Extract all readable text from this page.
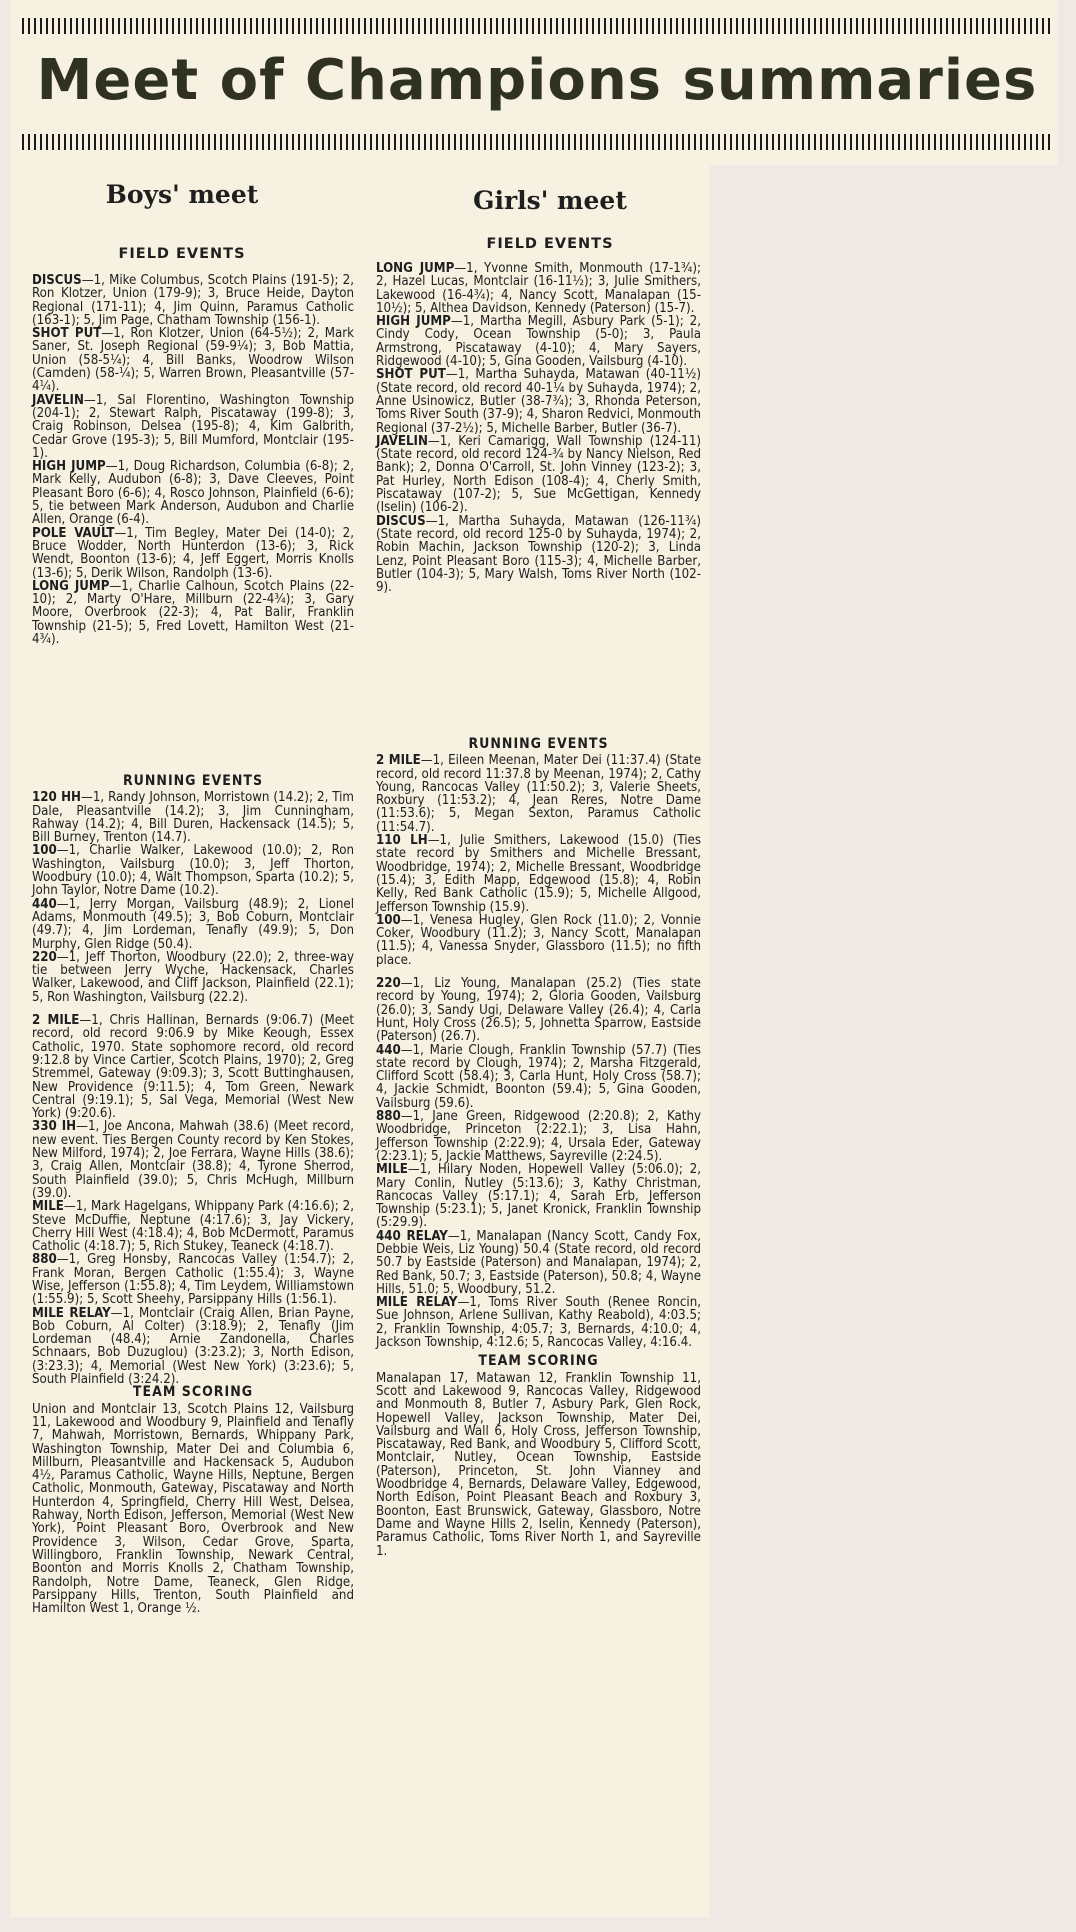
Meet of Champions summaries
Boys' meet
FIELD EVENTS

DISCUS—1, Mike Columbus, Scotch Plains (191-5); 2, Ron Klotzer, Union (179-9); 3, Bruce Heide, Dayton Regional (171-11); 4, Jim Quinn, Paramus Catholic (163-1); 5, Jim Page, Chatham Township (156-1).

SHOT PUT—1, Ron Klotzer, Union (64-5½); 2, Mark Saner, St. Joseph Regional (59-9¼); 3, Bob Mattia, Union (58-5¼); 4, Bill Banks, Woodrow Wilson (Camden) (58-¼); 5, Warren Brown, Pleasantville (57-4¼).

JAVELIN—1, Sal Florentino, Washington Township (204-1); 2, Stewart Ralph, Piscataway (199-8); 3, Craig Robinson, Delsea (195-8); 4, Kim Galbrith, Cedar Grove (195-3); 5, Bill Mumford, Montclair (195-1).

HIGH JUMP—1, Doug Richardson, Columbia (6-8); 2, Mark Kelly, Audubon (6-8); 3, Dave Cleeves, Point Pleasant Boro (6-6); 4, Rosco Johnson, Plainfield (6-6); 5, tie between Mark Anderson, Audubon and Charlie Allen, Orange (6-4).

POLE VAULT—1, Tim Begley, Mater Dei (14-0); 2, Bruce Wodder, North Hunterdon (13-6); 3, Rick Wendt, Boonton (13-6); 4, Jeff Eggert, Morris Knolls (13-6); 5, Derik Wilson, Randolph (13-6).

LONG JUMP—1, Charlie Calhoun, Scotch Plains (22-10); 2, Marty O'Hare, Millburn (22-4¾); 3, Gary Moore, Overbrook (22-3); 4, Pat Balir, Franklin Township (21-5); 5, Fred Lovett, Hamilton West (21-4¾).

RUNNING EVENTS

120 HH—1, Randy Johnson, Morristown (14.2); 2, Tim Dale, Pleasantville (14.2); 3, Jim Cunningham, Rahway (14.2); 4, Bill Duren, Hackensack (14.5); 5, Bill Burney, Trenton (14.7).

100—1, Charlie Walker, Lakewood (10.0); 2, Ron Washington, Vailsburg (10.0); 3, Jeff Thorton, Woodbury (10.0); 4, Walt Thompson, Sparta (10.2); 5, John Taylor, Notre Dame (10.2).

440—1, Jerry Morgan, Vailsburg (48.9); 2, Lionel Adams, Monmouth (49.5); 3, Bob Coburn, Montclair (49.7); 4, Jim Lordeman, Tenafly (49.9); 5, Don Murphy, Glen Ridge (50.4).

220—1, Jeff Thorton, Woodbury (22.0); 2, three-way tie between Jerry Wyche, Hackensack, Charles Walker, Lakewood, and Cliff Jackson, Plainfield (22.1); 5, Ron Washington, Vailsburg (22.2).

2 MILE—1, Chris Hallinan, Bernards (9:06.7) (Meet record, old record 9:06.9 by Mike Keough, Essex Catholic, 1970. State sophomore record, old record 9:12.8 by Vince Cartier, Scotch Plains, 1970); 2, Greg Stremmel, Gateway (9:09.3); 3, Scott Buttinghausen, New Providence (9:11.5); 4, Tom Green, Newark Central (9:19.1); 5, Sal Vega, Memorial (West New York) (9:20.6).

330 IH—1, Joe Ancona, Mahwah (38.6) (Meet record, new event. Ties Bergen County record by Ken Stokes, New Milford, 1974); 2, Joe Ferrara, Wayne Hills (38.6); 3, Craig Allen, Montclair (38.8); 4, Tyrone Sherrod, South Plainfield (39.0); 5, Chris McHugh, Millburn (39.0).

MILE—1, Mark Hagelgans, Whippany Park (4:16.6); 2, Steve McDuffie, Neptune (4:17.6); 3, Jay Vickery, Cherry Hill West (4:18.4); 4, Bob McDermott, Paramus Catholic (4:18.7); 5, Rich Stukey, Teaneck (4:18.7).

880—1, Greg Honsby, Rancocas Valley (1:54.7); 2, Frank Moran, Bergen Catholic (1:55.4); 3, Wayne Wise, Jefferson (1:55.8); 4, Tim Leydem, Williamstown (1:55.9); 5, Scott Sheehy, Parsippany Hills (1:56.1).

MILE RELAY—1, Montclair (Craig Allen, Brian Payne, Bob Coburn, Al Colter) (3:18.9); 2, Tenafly (Jim Lordeman (48.4); Arnie Zandonella, Charles Schnaars, Bob Duzuglou) (3:23.2); 3, North Edison, (3:23.3); 4, Memorial (West New York) (3:23.6); 5, South Plainfield (3:24.2).

TEAM SCORING

Union and Montclair 13, Scotch Plains 12, Vailsburg 11, Lakewood and Woodbury 9, Plainfield and Tenafly 7, Mahwah, Morristown, Bernards, Whippany Park, Washington Township, Mater Dei and Columbia 6, Millburn, Pleasantville and Hackensack 5, Audubon 4½, Paramus Catholic, Wayne Hills, Neptune, Bergen Catholic, Monmouth, Gateway, Piscataway and North Hunterdon 4, Springfield, Cherry Hill West, Delsea, Rahway, North Edison, Jefferson, Memorial (West New York), Point Pleasant Boro, Overbrook and New Providence 3, Wilson, Cedar Grove, Sparta, Willingboro, Franklin Township, Newark Central, Boonton and Morris Knolls 2, Chatham Township, Randolph, Notre Dame, Teaneck, Glen Ridge, Parsippany Hills, Trenton, South Plainfield and Hamilton West 1, Orange ½.

Girls' meet
FIELD EVENTS

LONG JUMP—1, Yvonne Smith, Monmouth (17-1¾); 2, Hazel Lucas, Montclair (16-11½); 3, Julie Smithers, Lakewood (16-4¾); 4, Nancy Scott, Manalapan (15-10½); 5, Althea Davidson, Kennedy (Paterson) (15-7).

HIGH JUMP—1, Martha Megill, Asbury Park (5-1); 2, Cindy Cody, Ocean Township (5-0); 3, Paula Armstrong, Piscataway (4-10); 4, Mary Sayers, Ridgewood (4-10); 5, Gina Gooden, Vailsburg (4-10).

SHOT PUT—1, Martha Suhayda, Matawan (40-11½) (State record, old record 40-1¼ by Suhayda, 1974); 2, Anne Usinowicz, Butler (38-7¾); 3, Rhonda Peterson, Toms River South (37-9); 4, Sharon Redvici, Monmouth Regional (37-2½); 5, Michelle Barber, Butler (36-7).

JAVELIN—1, Keri Camarigg, Wall Township (124-11) (State record, old record 124-¾ by Nancy Nielson, Red Bank); 2, Donna O'Carroll, St. John Vinney (123-2); 3, Pat Hurley, North Edison (108-4); 4, Cherly Smith, Piscataway (107-2); 5, Sue McGettigan, Kennedy (Iselin) (106-2).

DISCUS—1, Martha Suhayda, Matawan (126-11¾) (State record, old record 125-0 by Suhayda, 1974); 2, Robin Machin, Jackson Township (120-2); 3, Linda Lenz, Point Pleasant Boro (115-3); 4, Michelle Barber, Butler (104-3); 5, Mary Walsh, Toms River North (102-9).

RUNNING EVENTS

2 MILE—1, Eileen Meenan, Mater Dei (11:37.4) (State record, old record 11:37.8 by Meenan, 1974); 2, Cathy Young, Rancocas Valley (11:50.2); 3, Valerie Sheets, Roxbury (11:53.2); 4, Jean Reres, Notre Dame (11:53.6); 5, Megan Sexton, Paramus Catholic (11:54.7).

110 LH—1, Julie Smithers, Lakewood (15.0) (Ties state record by Smithers and Michelle Bressant, Woodbridge, 1974); 2, Michelle Bressant, Woodbridge (15.4); 3, Edith Mapp, Edgewood (15.8); 4, Robin Kelly, Red Bank Catholic (15.9); 5, Michelle Allgood, Jefferson Township (15.9).

100—1, Venesa Hugley, Glen Rock (11.0); 2, Vonnie Coker, Woodbury (11.2); 3, Nancy Scott, Manalapan (11.5); 4, Vanessa Snyder, Glassboro (11.5); no fifth place.

220—1, Liz Young, Manalapan (25.2) (Ties state record by Young, 1974); 2, Gloria Gooden, Vailsburg (26.0); 3, Sandy Ugi, Delaware Valley (26.4); 4, Carla Hunt, Holy Cross (26.5); 5, Johnetta Sparrow, Eastside (Paterson) (26.7).

440—1, Marie Clough, Franklin Township (57.7) (Ties state record by Clough, 1974); 2, Marsha Fitzgerald, Clifford Scott (58.4); 3, Carla Hunt, Holy Cross (58.7); 4, Jackie Schmidt, Boonton (59.4); 5, Gina Gooden, Vailsburg (59.6).

880—1, Jane Green, Ridgewood (2:20.8); 2, Kathy Woodbridge, Princeton (2:22.1); 3, Lisa Hahn, Jefferson Township (2:22.9); 4, Ursala Eder, Gateway (2:23.1); 5, Jackie Matthews, Sayreville (2:24.5).

MILE—1, Hilary Noden, Hopewell Valley (5:06.0); 2, Mary Conlin, Nutley (5:13.6); 3, Kathy Christman, Rancocas Valley (5:17.1); 4, Sarah Erb, Jefferson Township (5:23.1); 5, Janet Kronick, Franklin Township (5:29.9).

440 RELAY—1, Manalapan (Nancy Scott, Candy Fox, Debbie Weis, Liz Young) 50.4 (State record, old record 50.7 by Eastside (Paterson) and Manalapan, 1974); 2, Red Bank, 50.7; 3, Eastside (Paterson), 50.8; 4, Wayne Hills, 51.0; 5, Woodbury, 51.2.

MILE RELAY—1, Toms River South (Renee Roncin, Sue Johnson, Arlene Sullivan, Kathy Reabold), 4:03.5; 2, Franklin Township, 4:05.7; 3, Bernards, 4:10.0; 4, Jackson Township, 4:12.6; 5, Rancocas Valley, 4:16.4.

TEAM SCORING

Manalapan 17, Matawan 12, Franklin Township 11, Scott and Lakewood 9, Rancocas Valley, Ridgewood and Monmouth 8, Butler 7, Asbury Park, Glen Rock, Hopewell Valley, Jackson Township, Mater Dei, Vailsburg and Wall 6, Holy Cross, Jefferson Township, Piscataway, Red Bank, and Woodbury 5, Clifford Scott, Montclair, Nutley, Ocean Township, Eastside (Paterson), Princeton, St. John Vianney and Woodbridge 4, Bernards, Delaware Valley, Edgewood, North Edison, Point Pleasant Beach and Roxbury 3, Boonton, East Brunswick, Gateway, Glassboro, Notre Dame and Wayne Hills 2, Iselin, Kennedy (Paterson), Paramus Catholic, Toms River North 1, and Sayreville 1.
